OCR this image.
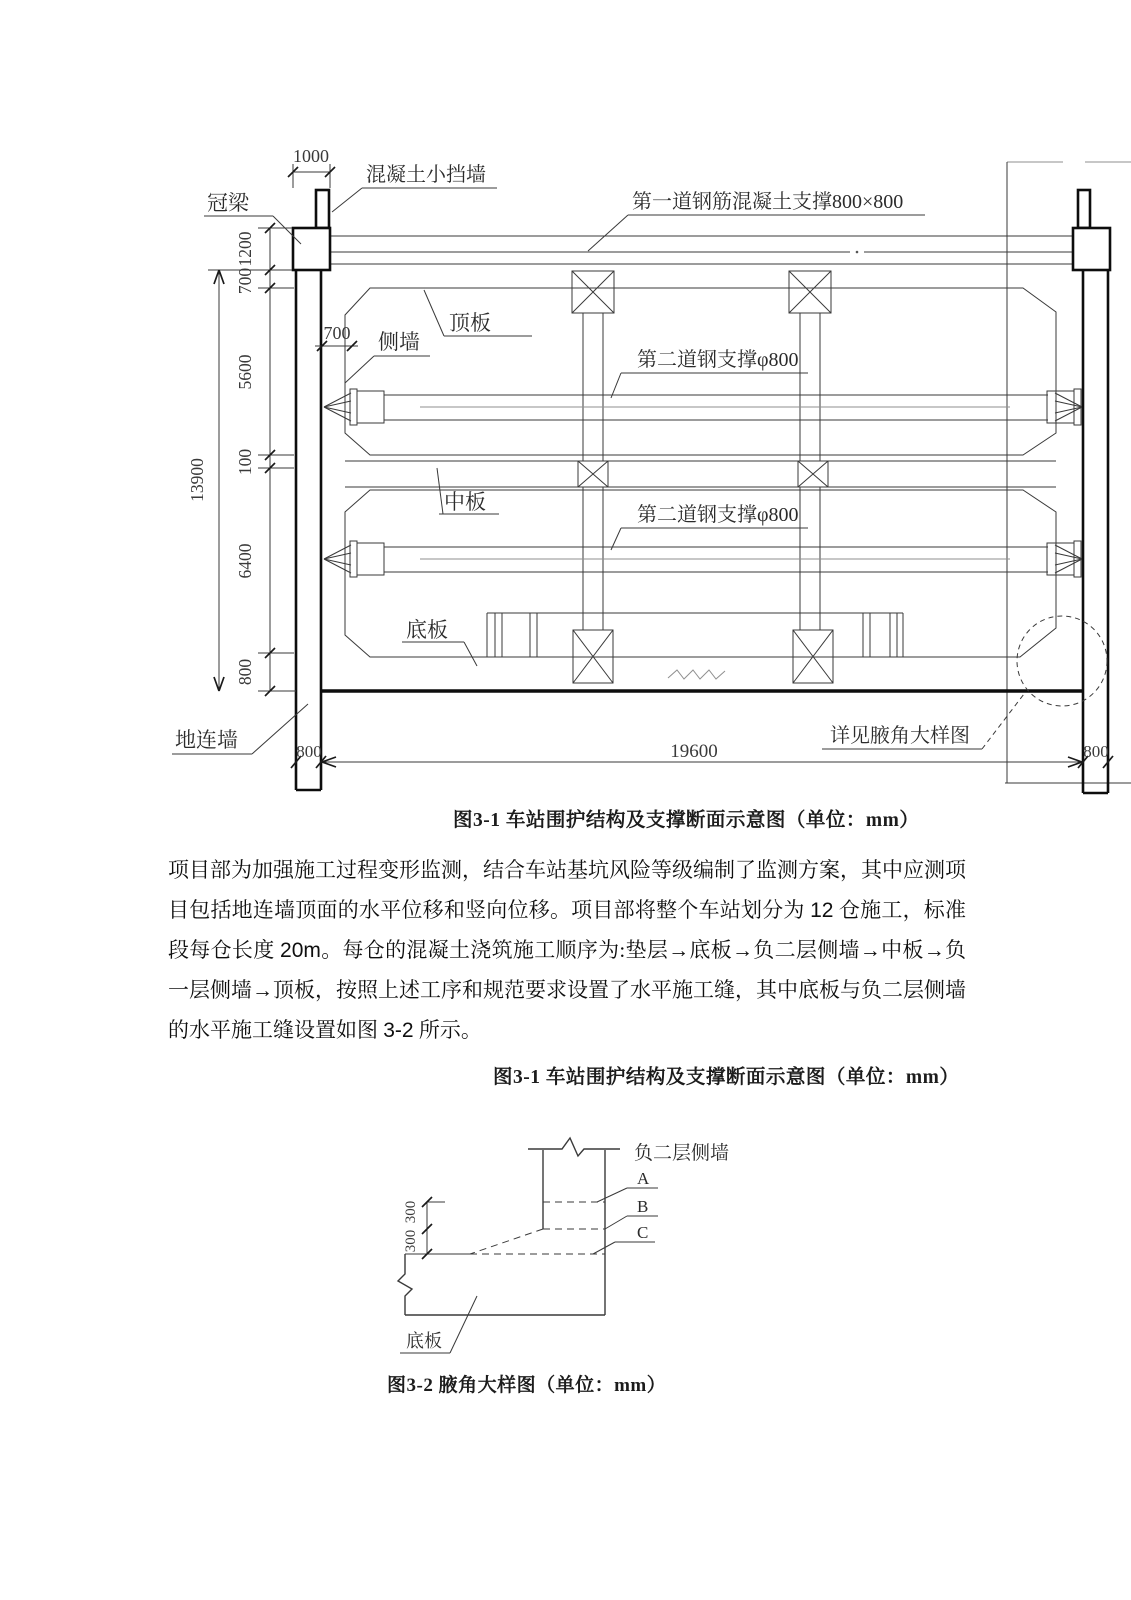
1000
1200
700
5600
100
6400
800
13900
700
800	19600	800
冠梁
混凝土小挡墙
第一道钢筋混凝土支撑800×800
顶板
侧墙
第二道钢支撑φ800
中板
第二道钢支撑φ800
底板
地连墙	详见腋角大样图
300
300
负二层侧墙
A
B
C
底板
图3-1 车站围护结构及支撑断面示意图（单位：mm）
项目部为加强施工过程变形监测，结合车站基坑风险等级编制了监测方案，其中应测项
目包括地连墙顶面的水平位移和竖向位移。项目部将整个车站划分为 12 仓施工，标准
段每仓长度 20m。每仓的混凝土浇筑施工顺序为:垫层→底板→负二层侧墙→中板→负
一层侧墙→顶板，按照上述工序和规范要求设置了水平施工缝，其中底板与负二层侧墙
的水平施工缝设置如图 3-2 所示。
图3-1 车站围护结构及支撑断面示意图（单位：mm）
图3-2 腋角大样图（单位：mm）
